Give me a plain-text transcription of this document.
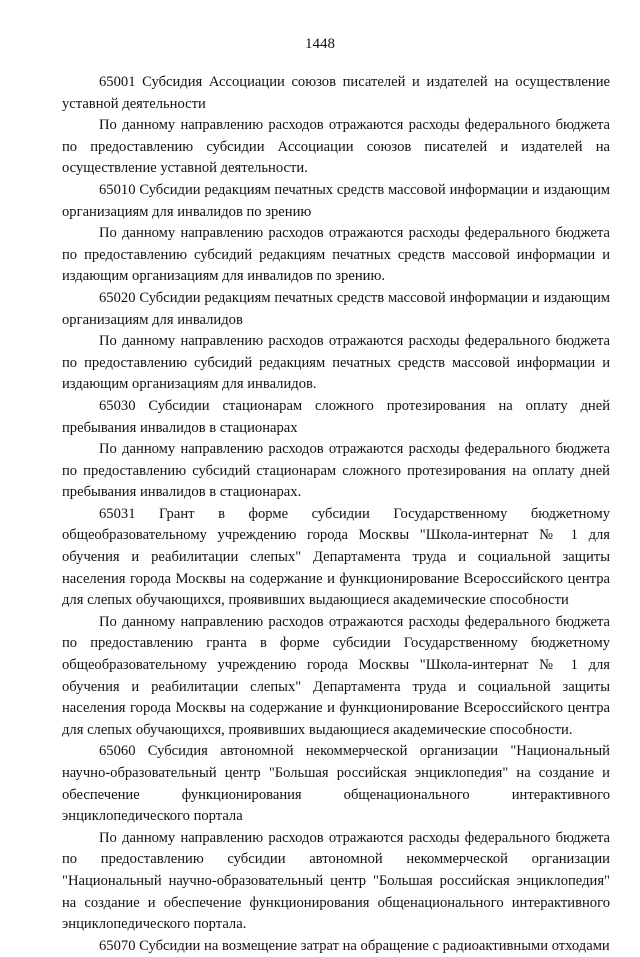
1448

65001 Субсидия Ассоциации союзов писателей и издателей на осуществление уставной деятельности

По данному направлению расходов отражаются расходы федерального бюджета по предоставлению субсидии Ассоциации союзов писателей и издателей на осуществление уставной деятельности.

65010 Субсидии редакциям печатных средств массовой информации и издающим организациям для инвалидов по зрению

По данному направлению расходов отражаются расходы федерального бюджета по предоставлению субсидий редакциям печатных средств массовой информации и издающим организациям для инвалидов по зрению.

65020 Субсидии редакциям печатных средств массовой информации и издающим организациям для инвалидов

По данному направлению расходов отражаются расходы федерального бюджета по предоставлению субсидий редакциям печатных средств массовой информации и издающим организациям для инвалидов.

65030 Субсидии стационарам сложного протезирования на оплату дней пребывания инвалидов в стационарах

По данному направлению расходов отражаются расходы федерального бюджета по предоставлению субсидий стационарам сложного протезирования на оплату дней пребывания инвалидов в стационарах.

65031 Грант в форме субсидии Государственному бюджетному общеобразовательному учреждению города Москвы "Школа-интернат № 1 для обучения и реабилитации слепых" Департамента труда и социальной защиты населения города Москвы на содержание и функционирование Всероссийского центра для слепых обучающихся, проявивших выдающиеся академические способности

По данному направлению расходов отражаются расходы федерального бюджета по предоставлению гранта в форме субсидии Государственному бюджетному общеобразовательному учреждению города Москвы "Школа-интернат № 1 для обучения и реабилитации слепых" Департамента труда и социальной защиты населения города Москвы на содержание и функционирование Всероссийского центра для слепых обучающихся, проявивших выдающиеся академические способности.

65060 Субсидия автономной некоммерческой организации "Национальный научно-образовательный центр "Большая российская энциклопедия" на создание и обеспечение функционирования общенационального интерактивного энциклопедического портала

По данному направлению расходов отражаются расходы федерального бюджета по предоставлению субсидии автономной некоммерческой организации "Национальный научно-образовательный центр "Большая российская энциклопедия" на создание и обеспечение функционирования общенационального интерактивного энциклопедического портала.

65070 Субсидии на возмещение затрат на обращение с радиоактивными отходами
